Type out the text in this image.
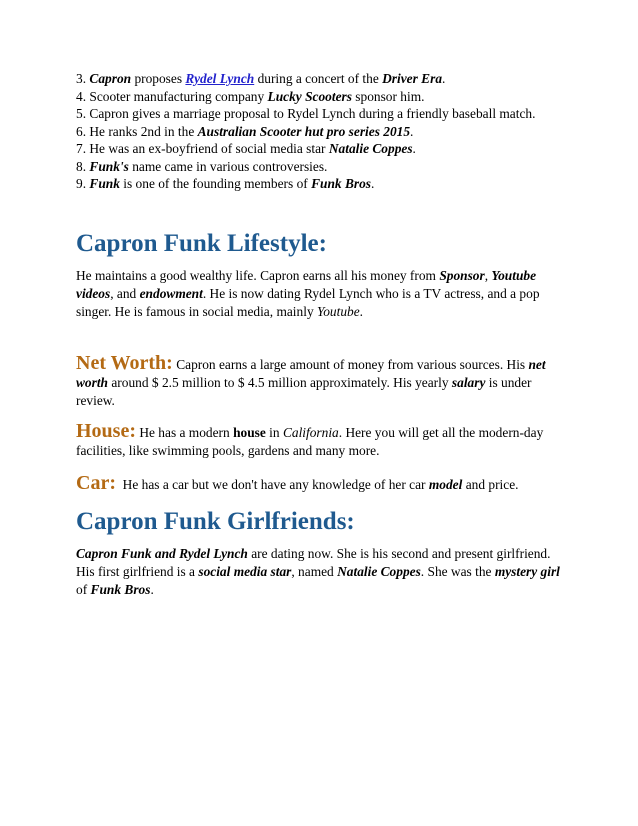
3. Capron proposes Rydel Lynch during a concert of the Driver Era.
4. Scooter manufacturing company Lucky Scooters sponsor him.
5. Capron gives a marriage proposal to Rydel Lynch during a friendly baseball match.
6. He ranks 2nd in the Australian Scooter hut pro series 2015.
7. He was an ex-boyfriend of social media star Natalie Coppes.
8. Funk's name came in various controversies.
9. Funk is one of the founding members of Funk Bros.
Capron Funk Lifestyle:

He maintains a good wealthy life. Capron earns all his money from Sponsor, Youtube videos, and endowment. He is now dating Rydel Lynch who is a TV actress, and a pop singer. He is famous in social media, mainly Youtube.

Net Worth: Capron earns a large amount of money from various sources. His net worth around $ 2.5 million to $ 4.5 million approximately. His yearly salary is under review.

House: He has a modern house in California. Here you will get all the modern-day facilities, like swimming pools, gardens and many more.

Car:  He has a car but we don't have any knowledge of her car model and price.

Capron Funk Girlfriends:

Capron Funk and Rydel Lynch are dating now. She is his second and present girlfriend. His first girlfriend is a social media star, named Natalie Coppes. She was the mystery girl of Funk Bros.
